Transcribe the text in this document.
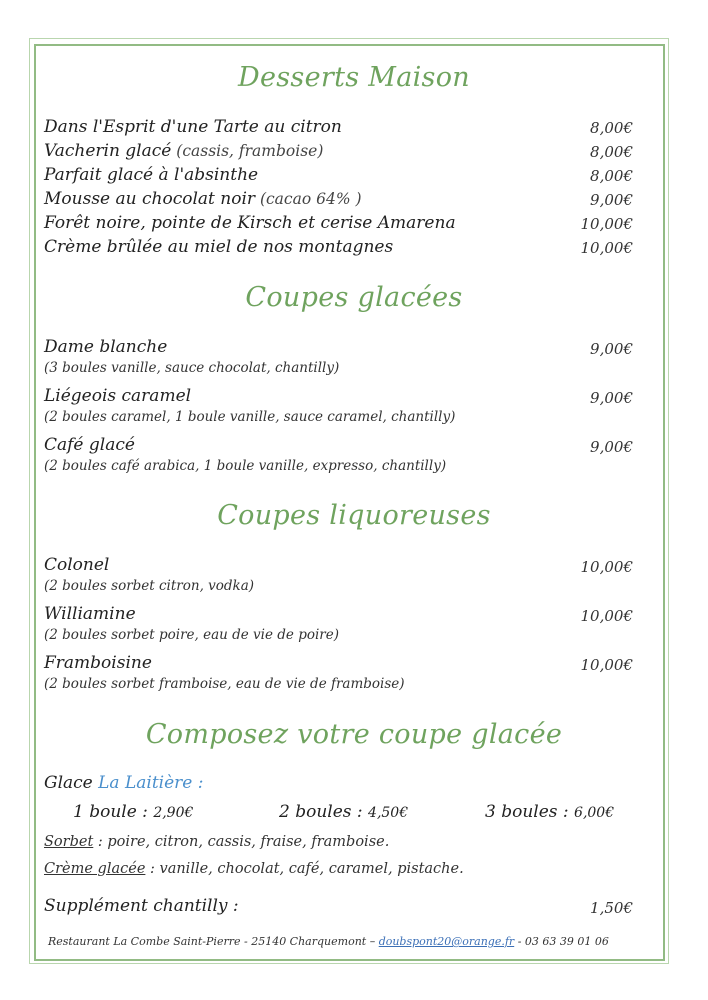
Desserts Maison
Dans l'Esprit d'une Tarte au citron	8,00€
Vacherin glacé (cassis, framboise)	8,00€
Parfait glacé à l'absinthe	8,00€
Mousse au chocolat noir (cacao 64% )	9,00€
Forêt noire, pointe de Kirsch et cerise Amarena	10,00€
Crème brûlée au miel de nos montagnes	10,00€
Coupes glacées
Dame blanche	9,00€
(3 boules vanille, sauce chocolat, chantilly)
Liégeois caramel	9,00€
(2 boules caramel, 1 boule vanille, sauce caramel, chantilly)
Café glacé	9,00€
(2 boules café arabica, 1 boule vanille, expresso, chantilly)
Coupes liquoreuses
Colonel	10,00€
(2 boules sorbet citron, vodka)
Williamine	10,00€
(2 boules sorbet poire, eau de vie de poire)
Framboisine	10,00€
(2 boules sorbet framboise, eau de vie de framboise)
Composez votre coupe glacée
Glace La Laitière :
1 boule : 2,90€	2 boules : 4,50€	3 boules : 6,00€
Sorbet : poire, citron, cassis, fraise, framboise.
Crème glacée : vanille, chocolat, café, caramel, pistache.
Supplément chantilly :	1,50€
Restaurant La Combe Saint-Pierre - 25140 Charquemont – doubspont20@orange.fr - 03 63 39 01 06
